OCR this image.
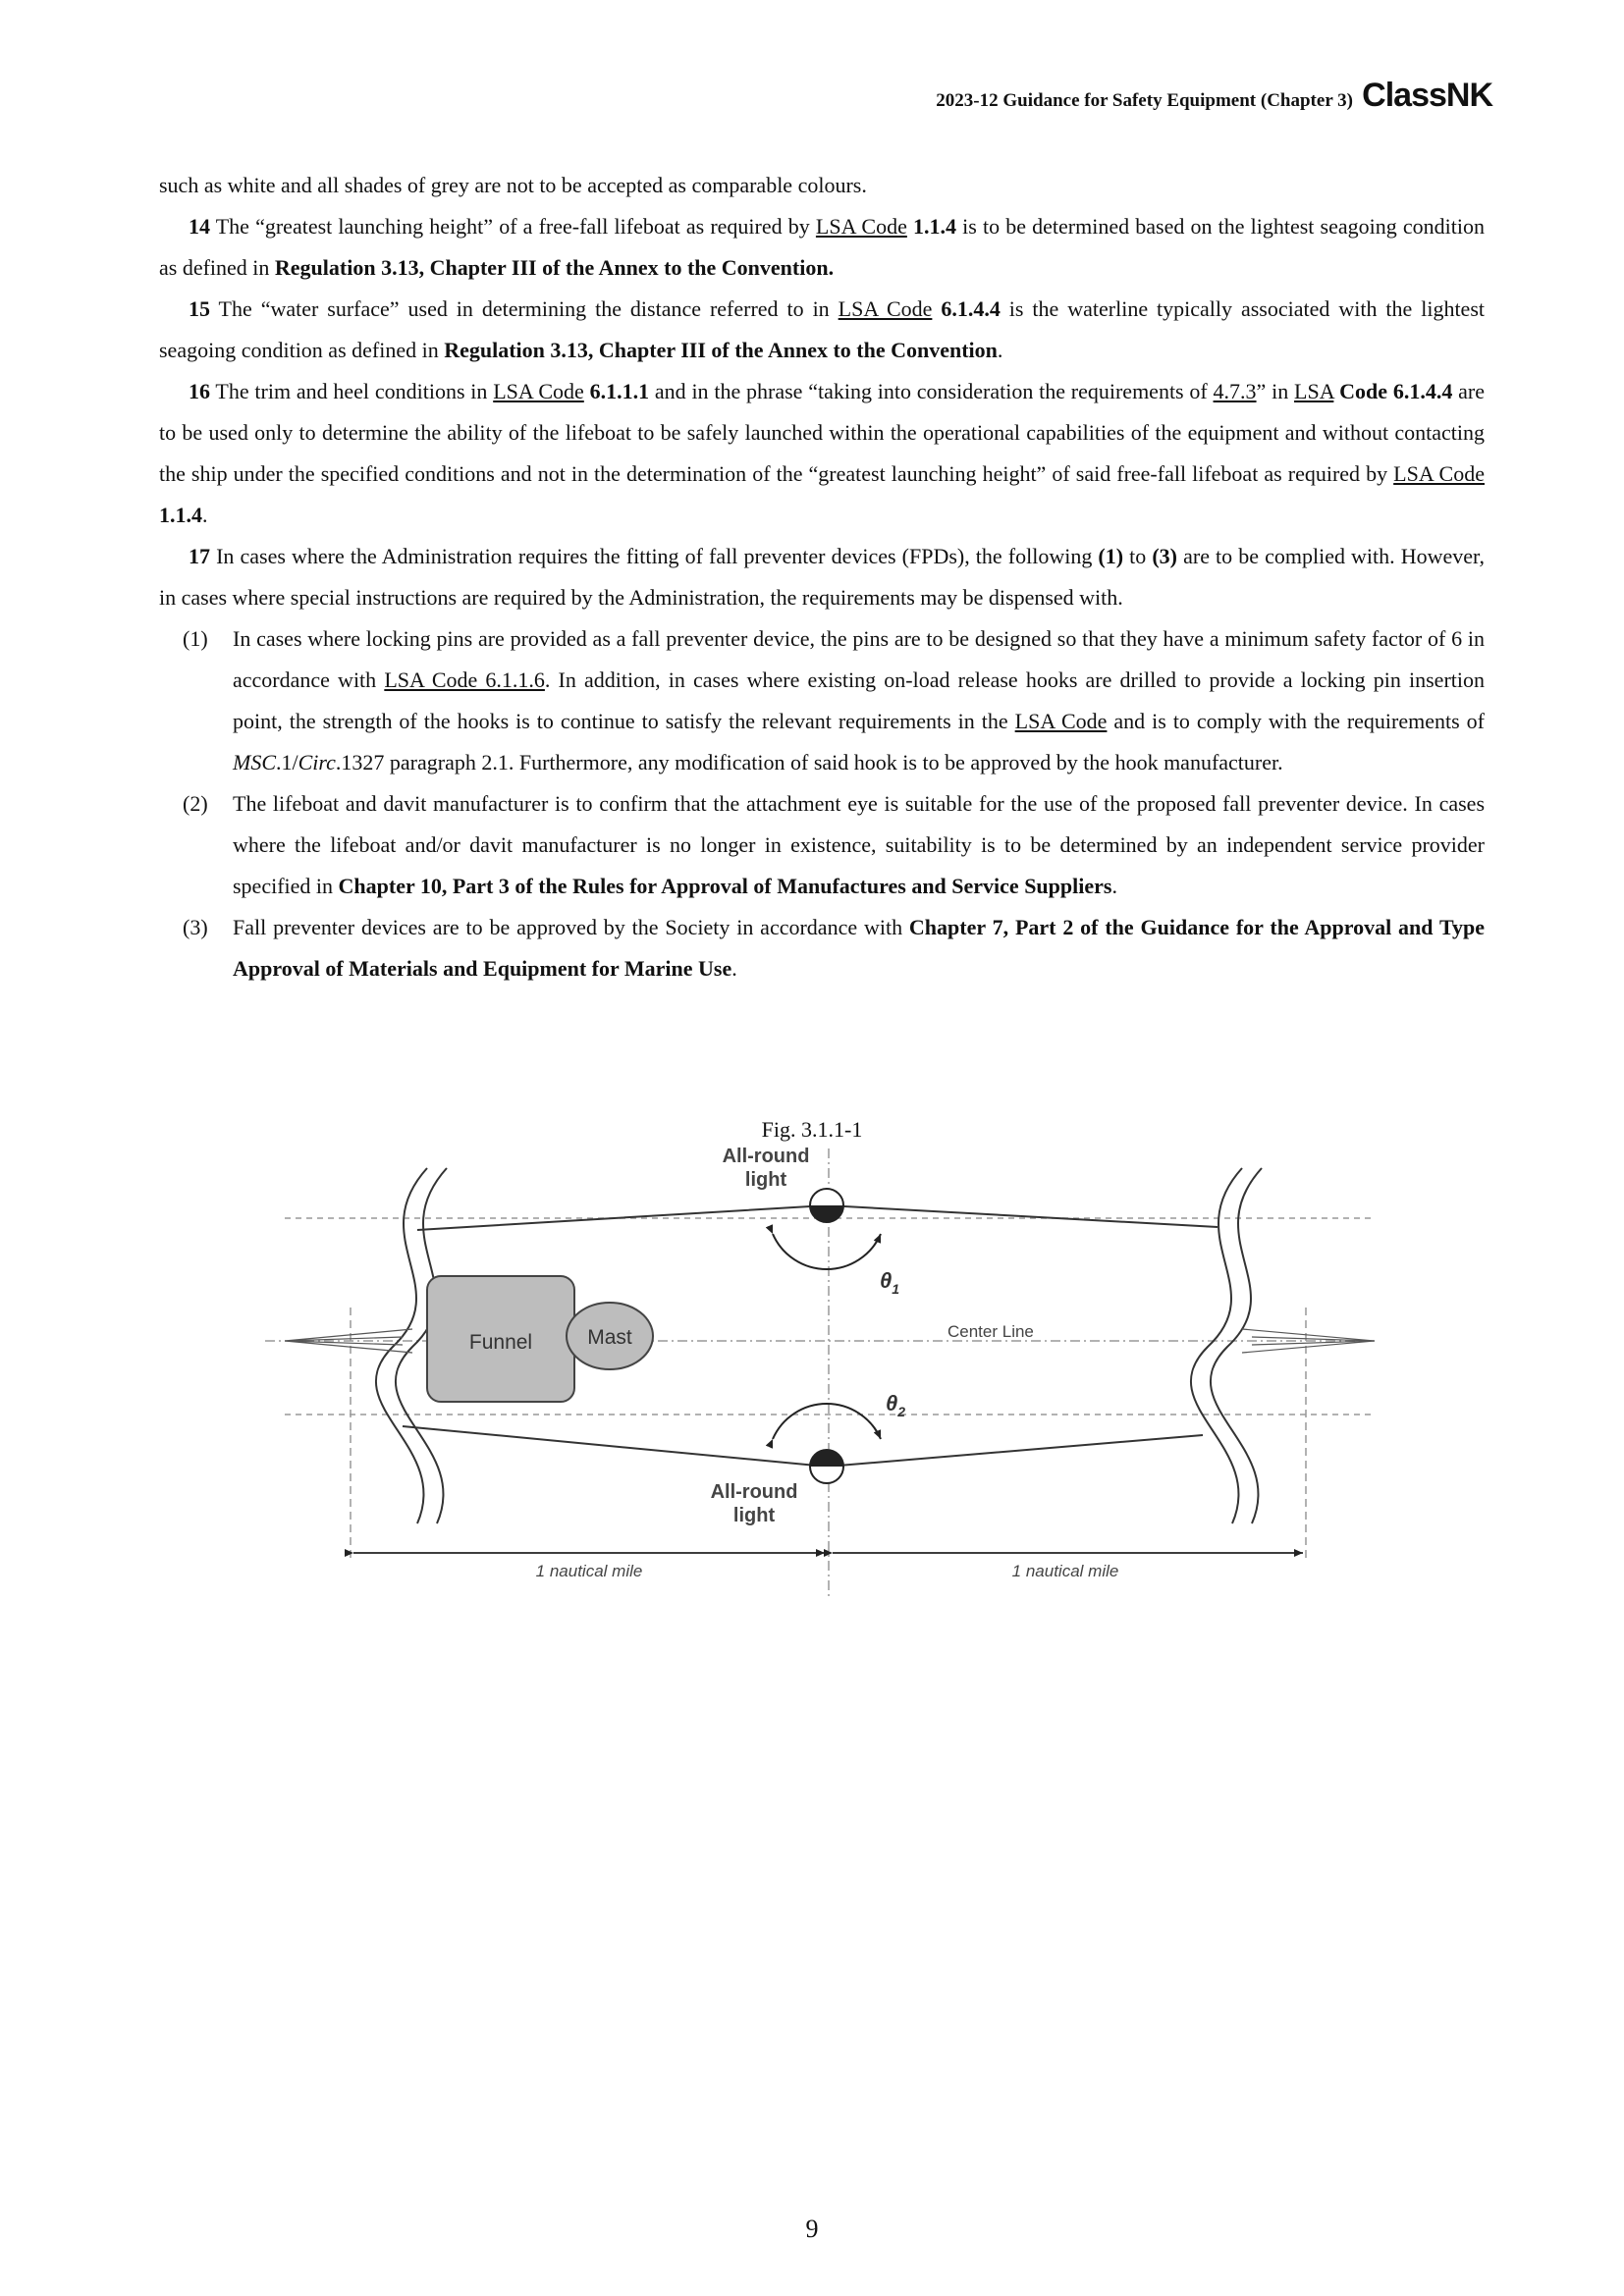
2023-12 Guidance for Safety Equipment (Chapter 3) ClassNK

such as white and all shades of grey are not to be accepted as comparable colours.

14 The “greatest launching height” of a free-fall lifeboat as required by LSA Code 1.1.4 is to be determined based on the lightest seagoing condition as defined in Regulation 3.13, Chapter III of the Annex to the Convention.

15 The “water surface” used in determining the distance referred to in LSA Code 6.1.4.4 is the waterline typically associated with the lightest seagoing condition as defined in Regulation 3.13, Chapter III of the Annex to the Convention.

16 The trim and heel conditions in LSA Code 6.1.1.1 and in the phrase “taking into consideration the requirements of 4.7.3” in LSA Code 6.1.4.4 are to be used only to determine the ability of the lifeboat to be safely launched within the operational capabilities of the equipment and without contacting the ship under the specified conditions and not in the determination of the “greatest launching height” of said free-fall lifeboat as required by LSA Code 1.1.4.

17 In cases where the Administration requires the fitting of fall preventer devices (FPDs), the following (1) to (3) are to be complied with. However, in cases where special instructions are required by the Administration, the requirements may be dispensed with.

(1) In cases where locking pins are provided as a fall preventer device, the pins are to be designed so that they have a minimum safety factor of 6 in accordance with LSA Code 6.1.1.6. In addition, in cases where existing on-load release hooks are drilled to provide a locking pin insertion point, the strength of the hooks is to continue to satisfy the relevant requirements in the LSA Code and is to comply with the requirements of MSC.1/Circ.1327 paragraph 2.1. Furthermore, any modification of said hook is to be approved by the hook manufacturer.

(2) The lifeboat and davit manufacturer is to confirm that the attachment eye is suitable for the use of the proposed fall preventer device. In cases where the lifeboat and/or davit manufacturer is no longer in existence, suitability is to be determined by an independent service provider specified in Chapter 10, Part 3 of the Rules for Approval of Manufactures and Service Suppliers.

(3) Fall preventer devices are to be approved by the Society in accordance with Chapter 7, Part 2 of the Guidance for the Approval and Type Approval of Materials and Equipment for Marine Use.

Fig. 3.1.1-1
Funnel	Mast
All-round
light
All-round
light
$\theta_1$
$\theta_2$
Center Line
1 nautical mile	1 nautical mile
9
